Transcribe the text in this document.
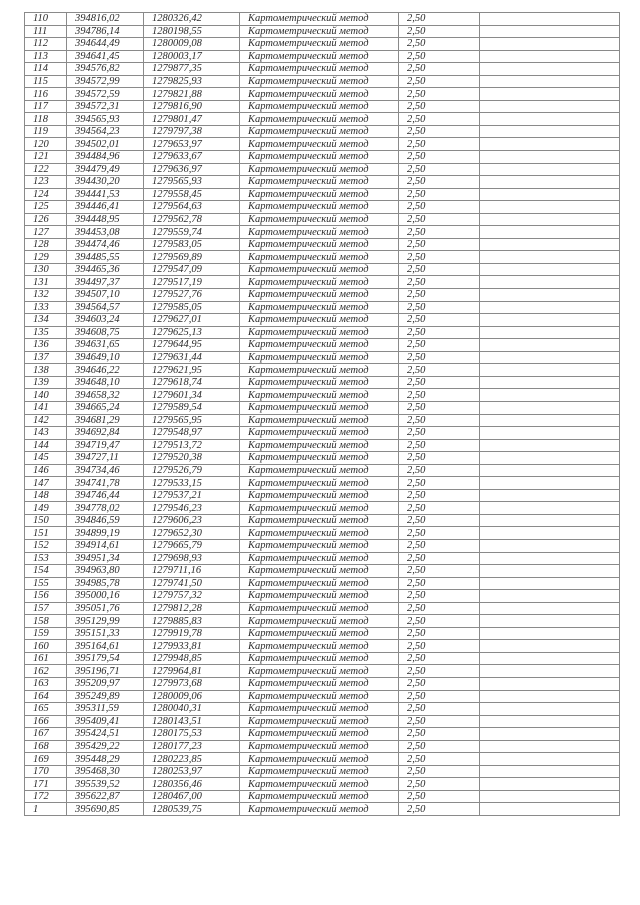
110	394816,02	1280326,42	Картометрический метод	2,50	
111	394786,14	1280198,55	Картометрический метод	2,50	
112	394644,49	1280009,08	Картометрический метод	2,50	
113	394641,45	1280003,17	Картометрический метод	2,50	
114	394576,82	1279877,35	Картометрический метод	2,50	
115	394572,99	1279825,93	Картометрический метод	2,50	
116	394572,59	1279821,88	Картометрический метод	2,50	
117	394572,31	1279816,90	Картометрический метод	2,50	
118	394565,93	1279801,47	Картометрический метод	2,50	
119	394564,23	1279797,38	Картометрический метод	2,50	
120	394502,01	1279653,97	Картометрический метод	2,50	
121	394484,96	1279633,67	Картометрический метод	2,50	
122	394479,49	1279636,97	Картометрический метод	2,50	
123	394430,20	1279565,93	Картометрический метод	2,50	
124	394441,53	1279558,45	Картометрический метод	2,50	
125	394446,41	1279564,63	Картометрический метод	2,50	
126	394448,95	1279562,78	Картометрический метод	2,50	
127	394453,08	1279559,74	Картометрический метод	2,50	
128	394474,46	1279583,05	Картометрический метод	2,50	
129	394485,55	1279569,89	Картометрический метод	2,50	
130	394465,36	1279547,09	Картометрический метод	2,50	
131	394497,37	1279517,19	Картометрический метод	2,50	
132	394507,10	1279527,76	Картометрический метод	2,50	
133	394564,57	1279585,05	Картометрический метод	2,50	
134	394603,24	1279627,01	Картометрический метод	2,50	
135	394608,75	1279625,13	Картометрический метод	2,50	
136	394631,65	1279644,95	Картометрический метод	2,50	
137	394649,10	1279631,44	Картометрический метод	2,50	
138	394646,22	1279621,95	Картометрический метод	2,50	
139	394648,10	1279618,74	Картометрический метод	2,50	
140	394658,32	1279601,34	Картометрический метод	2,50	
141	394665,24	1279589,54	Картометрический метод	2,50	
142	394681,29	1279565,95	Картометрический метод	2,50	
143	394692,84	1279548,97	Картометрический метод	2,50	
144	394719,47	1279513,72	Картометрический метод	2,50	
145	394727,11	1279520,38	Картометрический метод	2,50	
146	394734,46	1279526,79	Картометрический метод	2,50	
147	394741,78	1279533,15	Картометрический метод	2,50	
148	394746,44	1279537,21	Картометрический метод	2,50	
149	394778,02	1279546,23	Картометрический метод	2,50	
150	394846,59	1279606,23	Картометрический метод	2,50	
151	394899,19	1279652,30	Картометрический метод	2,50	
152	394914,61	1279665,79	Картометрический метод	2,50	
153	394951,34	1279698,93	Картометрический метод	2,50	
154	394963,80	1279711,16	Картометрический метод	2,50	
155	394985,78	1279741,50	Картометрический метод	2,50	
156	395000,16	1279757,32	Картометрический метод	2,50	
157	395051,76	1279812,28	Картометрический метод	2,50	
158	395129,99	1279885,83	Картометрический метод	2,50	
159	395151,33	1279919,78	Картометрический метод	2,50	
160	395164,61	1279933,81	Картометрический метод	2,50	
161	395179,54	1279948,85	Картометрический метод	2,50	
162	395196,71	1279964,81	Картометрический метод	2,50	
163	395209,97	1279973,68	Картометрический метод	2,50	
164	395249,89	1280009,06	Картометрический метод	2,50	
165	395311,59	1280040,31	Картометрический метод	2,50	
166	395409,41	1280143,51	Картометрический метод	2,50	
167	395424,51	1280175,53	Картометрический метод	2,50	
168	395429,22	1280177,23	Картометрический метод	2,50	
169	395448,29	1280223,85	Картометрический метод	2,50	
170	395468,30	1280253,97	Картометрический метод	2,50	
171	395539,52	1280356,46	Картометрический метод	2,50	
172	395622,87	1280467,00	Картометрический метод	2,50	
1	395690,85	1280539,75	Картометрический метод	2,50	
